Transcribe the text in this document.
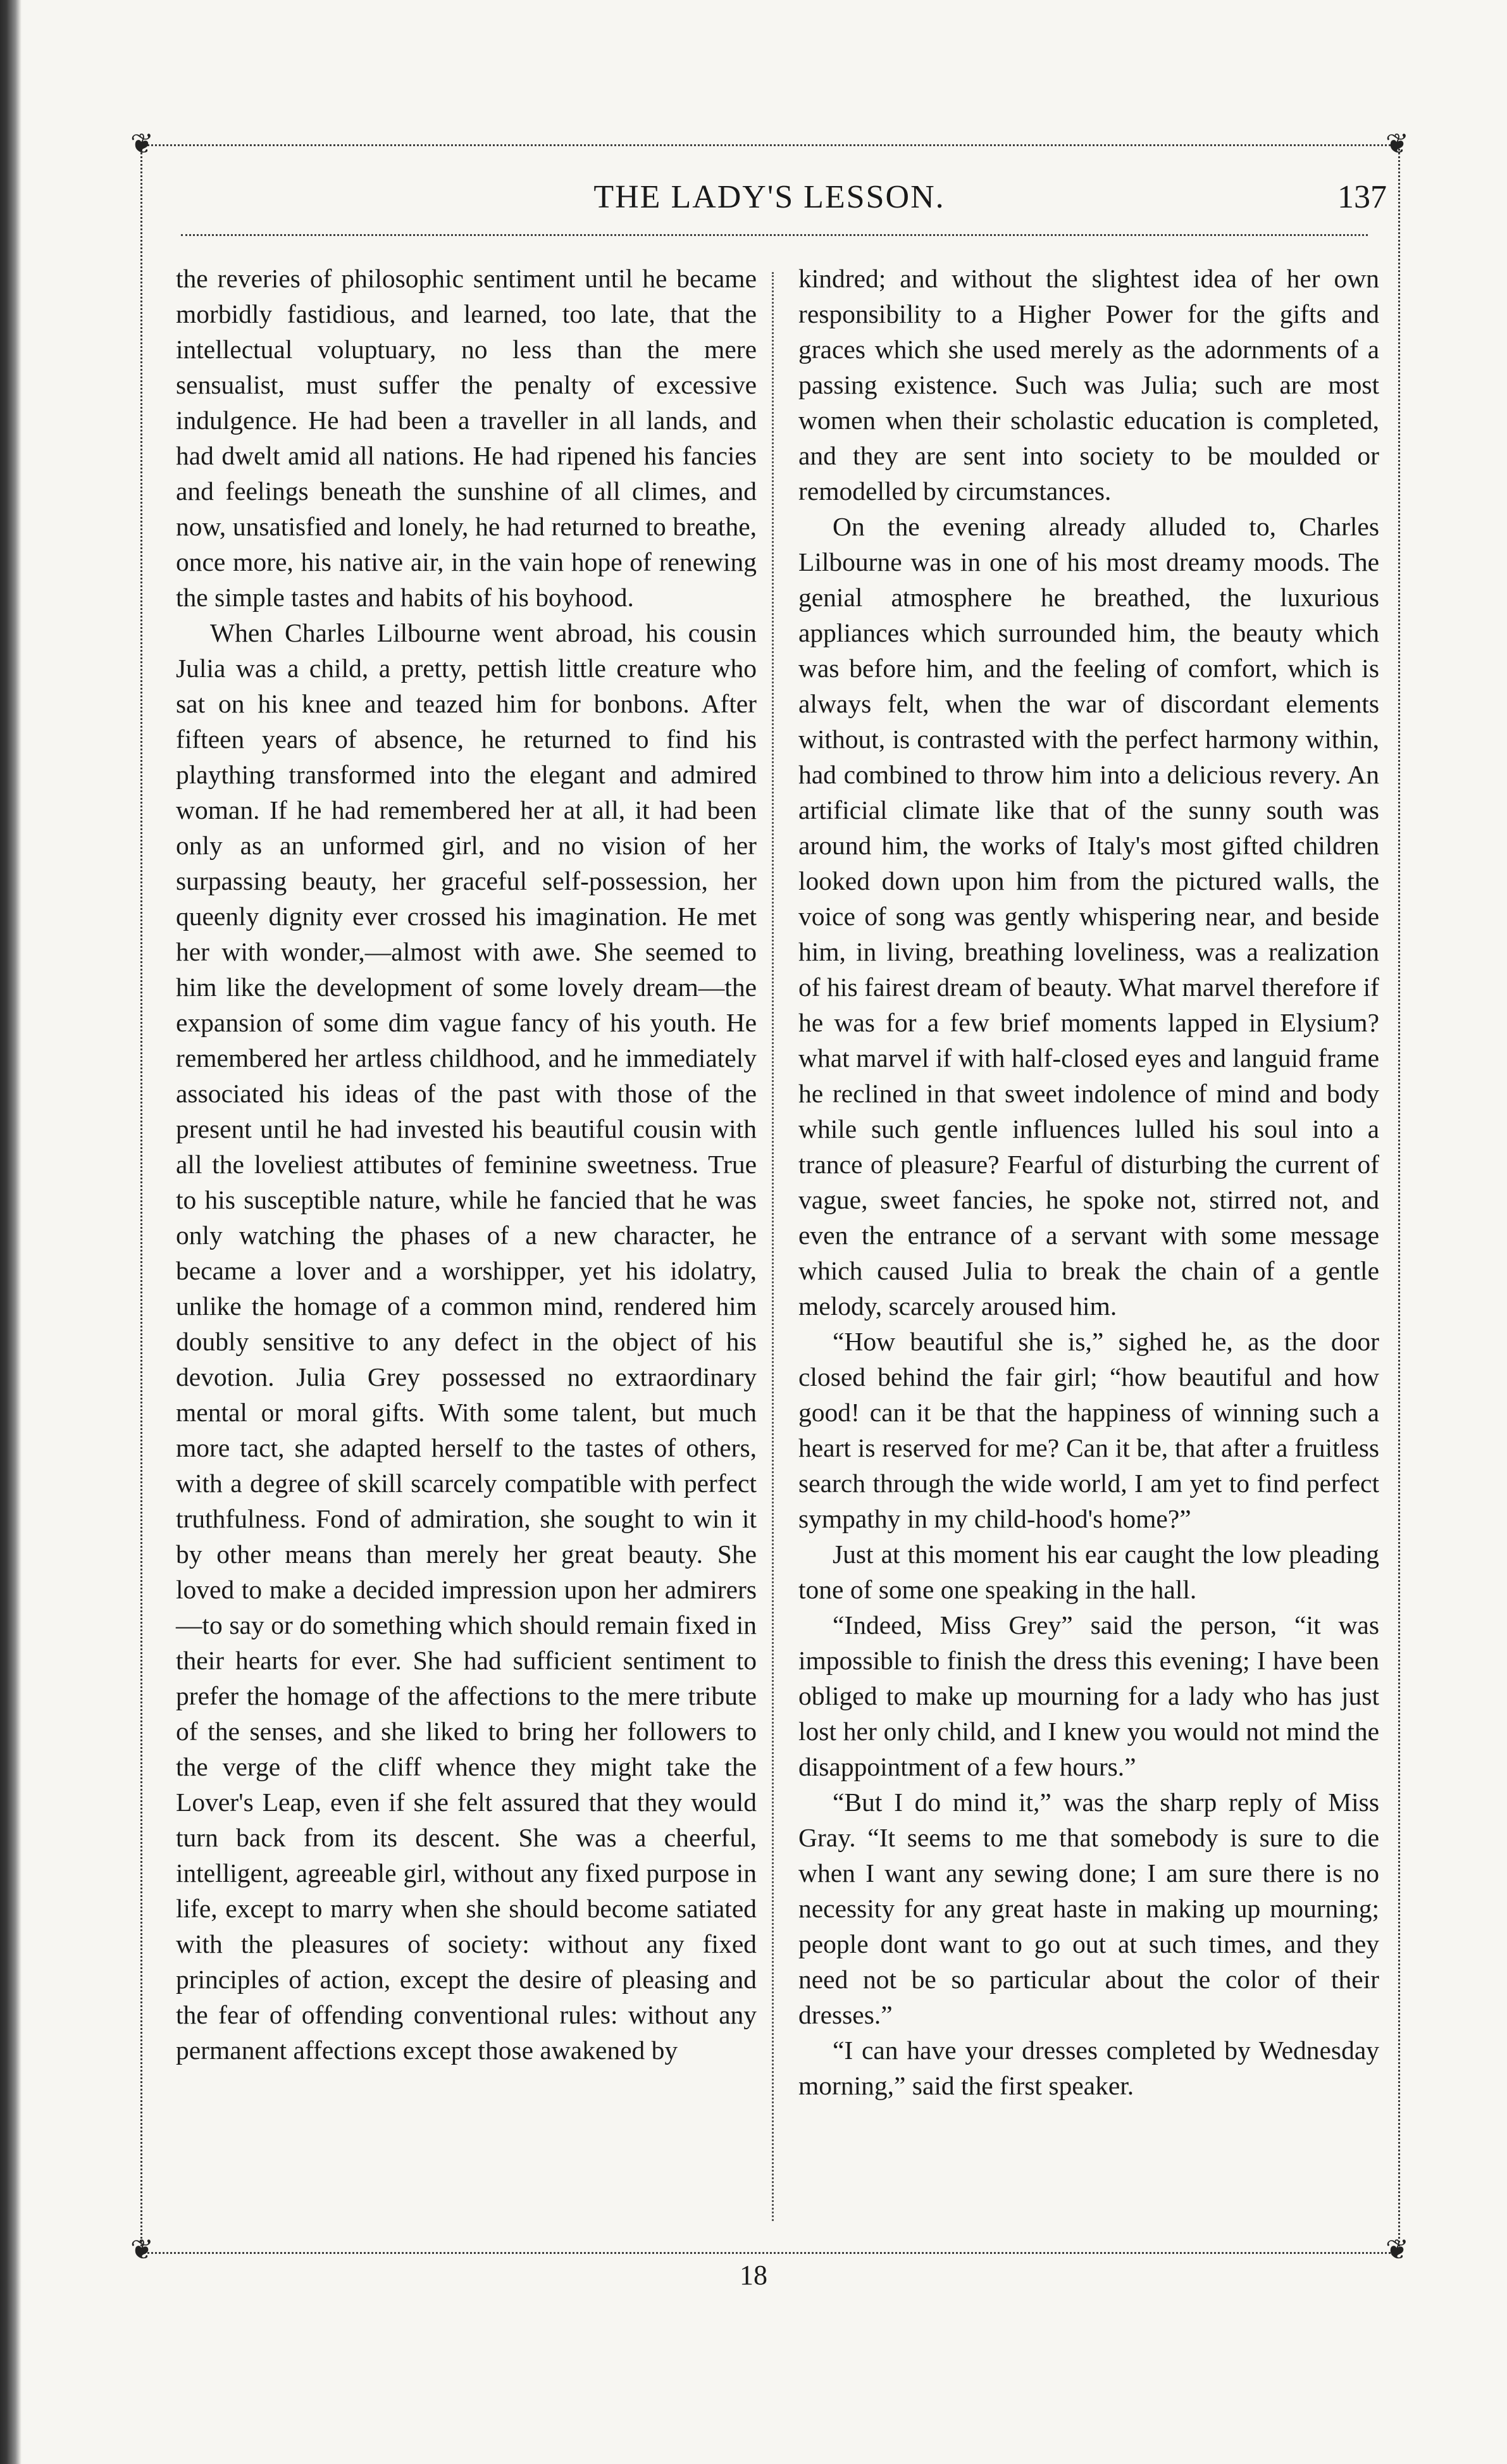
❦	❦
❦	❦
THE LADY'S LESSON.	137

the reveries of philosophic sentiment until he became morbidly fastidious, and learned, too late, that the intellectual voluptuary, no less than the mere sensualist, must suffer the penalty of excessive indulgence. He had been a traveller in all lands, and had dwelt amid all nations. He had ripened his fancies and feelings beneath the sunshine of all climes, and now, unsatisfied and lonely, he had returned to breathe, once more, his native air, in the vain hope of renewing the simple tastes and habits of his boyhood.

When Charles Lilbourne went abroad, his cousin Julia was a child, a pretty, pettish little creature who sat on his knee and teazed him for bonbons. After fifteen years of absence, he returned to find his plaything transformed into the elegant and admired woman. If he had remembered her at all, it had been only as an unformed girl, and no vision of her surpassing beauty, her graceful self-possession, her queenly dignity ever crossed his imagination. He met her with wonder,—almost with awe. She seemed to him like the development of some lovely dream—the expansion of some dim vague fancy of his youth. He remembered her artless childhood, and he immediately associated his ideas of the past with those of the present until he had invested his beautiful cousin with all the loveliest attibutes of feminine sweetness. True to his susceptible nature, while he fancied that he was only watching the phases of a new character, he became a lover and a worshipper, yet his idolatry, unlike the homage of a common mind, rendered him doubly sensitive to any defect in the object of his devotion. Julia Grey possessed no extraordinary mental or moral gifts. With some talent, but much more tact, she adapted herself to the tastes of others, with a degree of skill scarcely compatible with perfect truthfulness. Fond of admiration, she sought to win it by other means than merely her great beauty. She loved to make a decided impression upon her admirers—to say or do something which should remain fixed in their hearts for ever. She had sufficient sentiment to prefer the homage of the affections to the mere tribute of the senses, and she liked to bring her followers to the verge of the cliff whence they might take the Lover's Leap, even if she felt assured that they would turn back from its descent. She was a cheerful, intelligent, agreeable girl, without any fixed purpose in life, except to marry when she should become satiated with the pleasures of society: without any fixed principles of action, except the desire of pleasing and the fear of offending conventional rules: without any permanent affections except those awakened by

kindred; and without the slightest idea of her own responsibility to a Higher Power for the gifts and graces which she used merely as the adornments of a passing existence. Such was Julia; such are most women when their scholastic education is completed, and they are sent into society to be moulded or remodelled by circumstances.

On the evening already alluded to, Charles Lilbourne was in one of his most dreamy moods. The genial atmosphere he breathed, the luxurious appliances which surrounded him, the beauty which was before him, and the feeling of comfort, which is always felt, when the war of discordant elements without, is contrasted with the perfect harmony within, had combined to throw him into a delicious revery. An artificial climate like that of the sunny south was around him, the works of Italy's most gifted children looked down upon him from the pictured walls, the voice of song was gently whispering near, and beside him, in living, breathing loveliness, was a realization of his fairest dream of beauty. What marvel therefore if he was for a few brief moments lapped in Elysium? what marvel if with half-closed eyes and languid frame he reclined in that sweet indolence of mind and body while such gentle influences lulled his soul into a trance of pleasure? Fearful of disturbing the current of vague, sweet fancies, he spoke not, stirred not, and even the entrance of a servant with some message which caused Julia to break the chain of a gentle melody, scarcely aroused him.

“How beautiful she is,” sighed he, as the door closed behind the fair girl; “how beautiful and how good! can it be that the happiness of winning such a heart is reserved for me? Can it be, that after a fruitless search through the wide world, I am yet to find perfect sympathy in my child-hood's home?”

Just at this moment his ear caught the low pleading tone of some one speaking in the hall.

“Indeed, Miss Grey” said the person, “it was impossible to finish the dress this evening; I have been obliged to make up mourning for a lady who has just lost her only child, and I knew you would not mind the disappointment of a few hours.”

“But I do mind it,” was the sharp reply of Miss Gray. “It seems to me that somebody is sure to die when I want any sewing done; I am sure there is no necessity for any great haste in making up mourning; people dont want to go out at such times, and they need not be so particular about the color of their dresses.”

“I can have your dresses completed by Wednesday morning,” said the first speaker.

18
